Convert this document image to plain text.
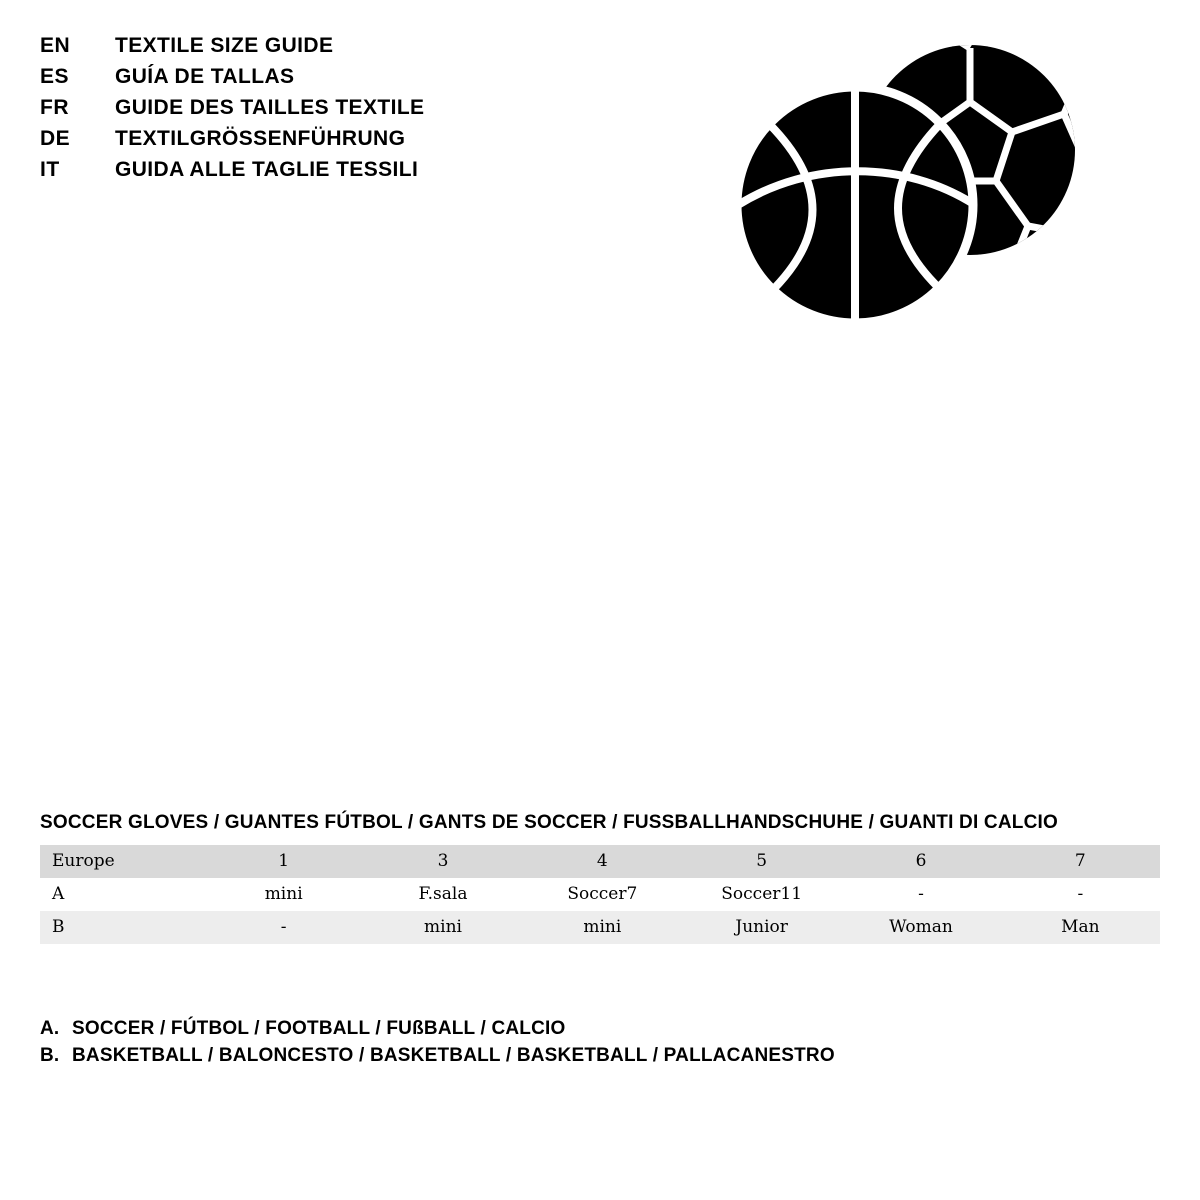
EN	TEXTILE SIZE GUIDE
ES	GUÍA DE TALLAS
FR	GUIDE DES TAILLES TEXTILE
DE	TEXTILGRÖSSENFÜHRUNG
IT	GUIDA ALLE TAGLIE TESSILI
SOCCER GLOVES / GUANTES FÚTBOL / GANTS DE SOCCER / FUSSBALLHANDSCHUHE / GUANTI DI CALCIO
Europe	1	3	4	5	6	7
A	mini	F.sala	Soccer7	Soccer11	-	-
B	-	mini	mini	Junior	Woman	Man
A. SOCCER / FÚTBOL / FOOTBALL / FUßBALL / CALCIO
B. BASKETBALL / BALONCESTO / BASKETBALL / BASKETBALL / PALLACANESTRO
